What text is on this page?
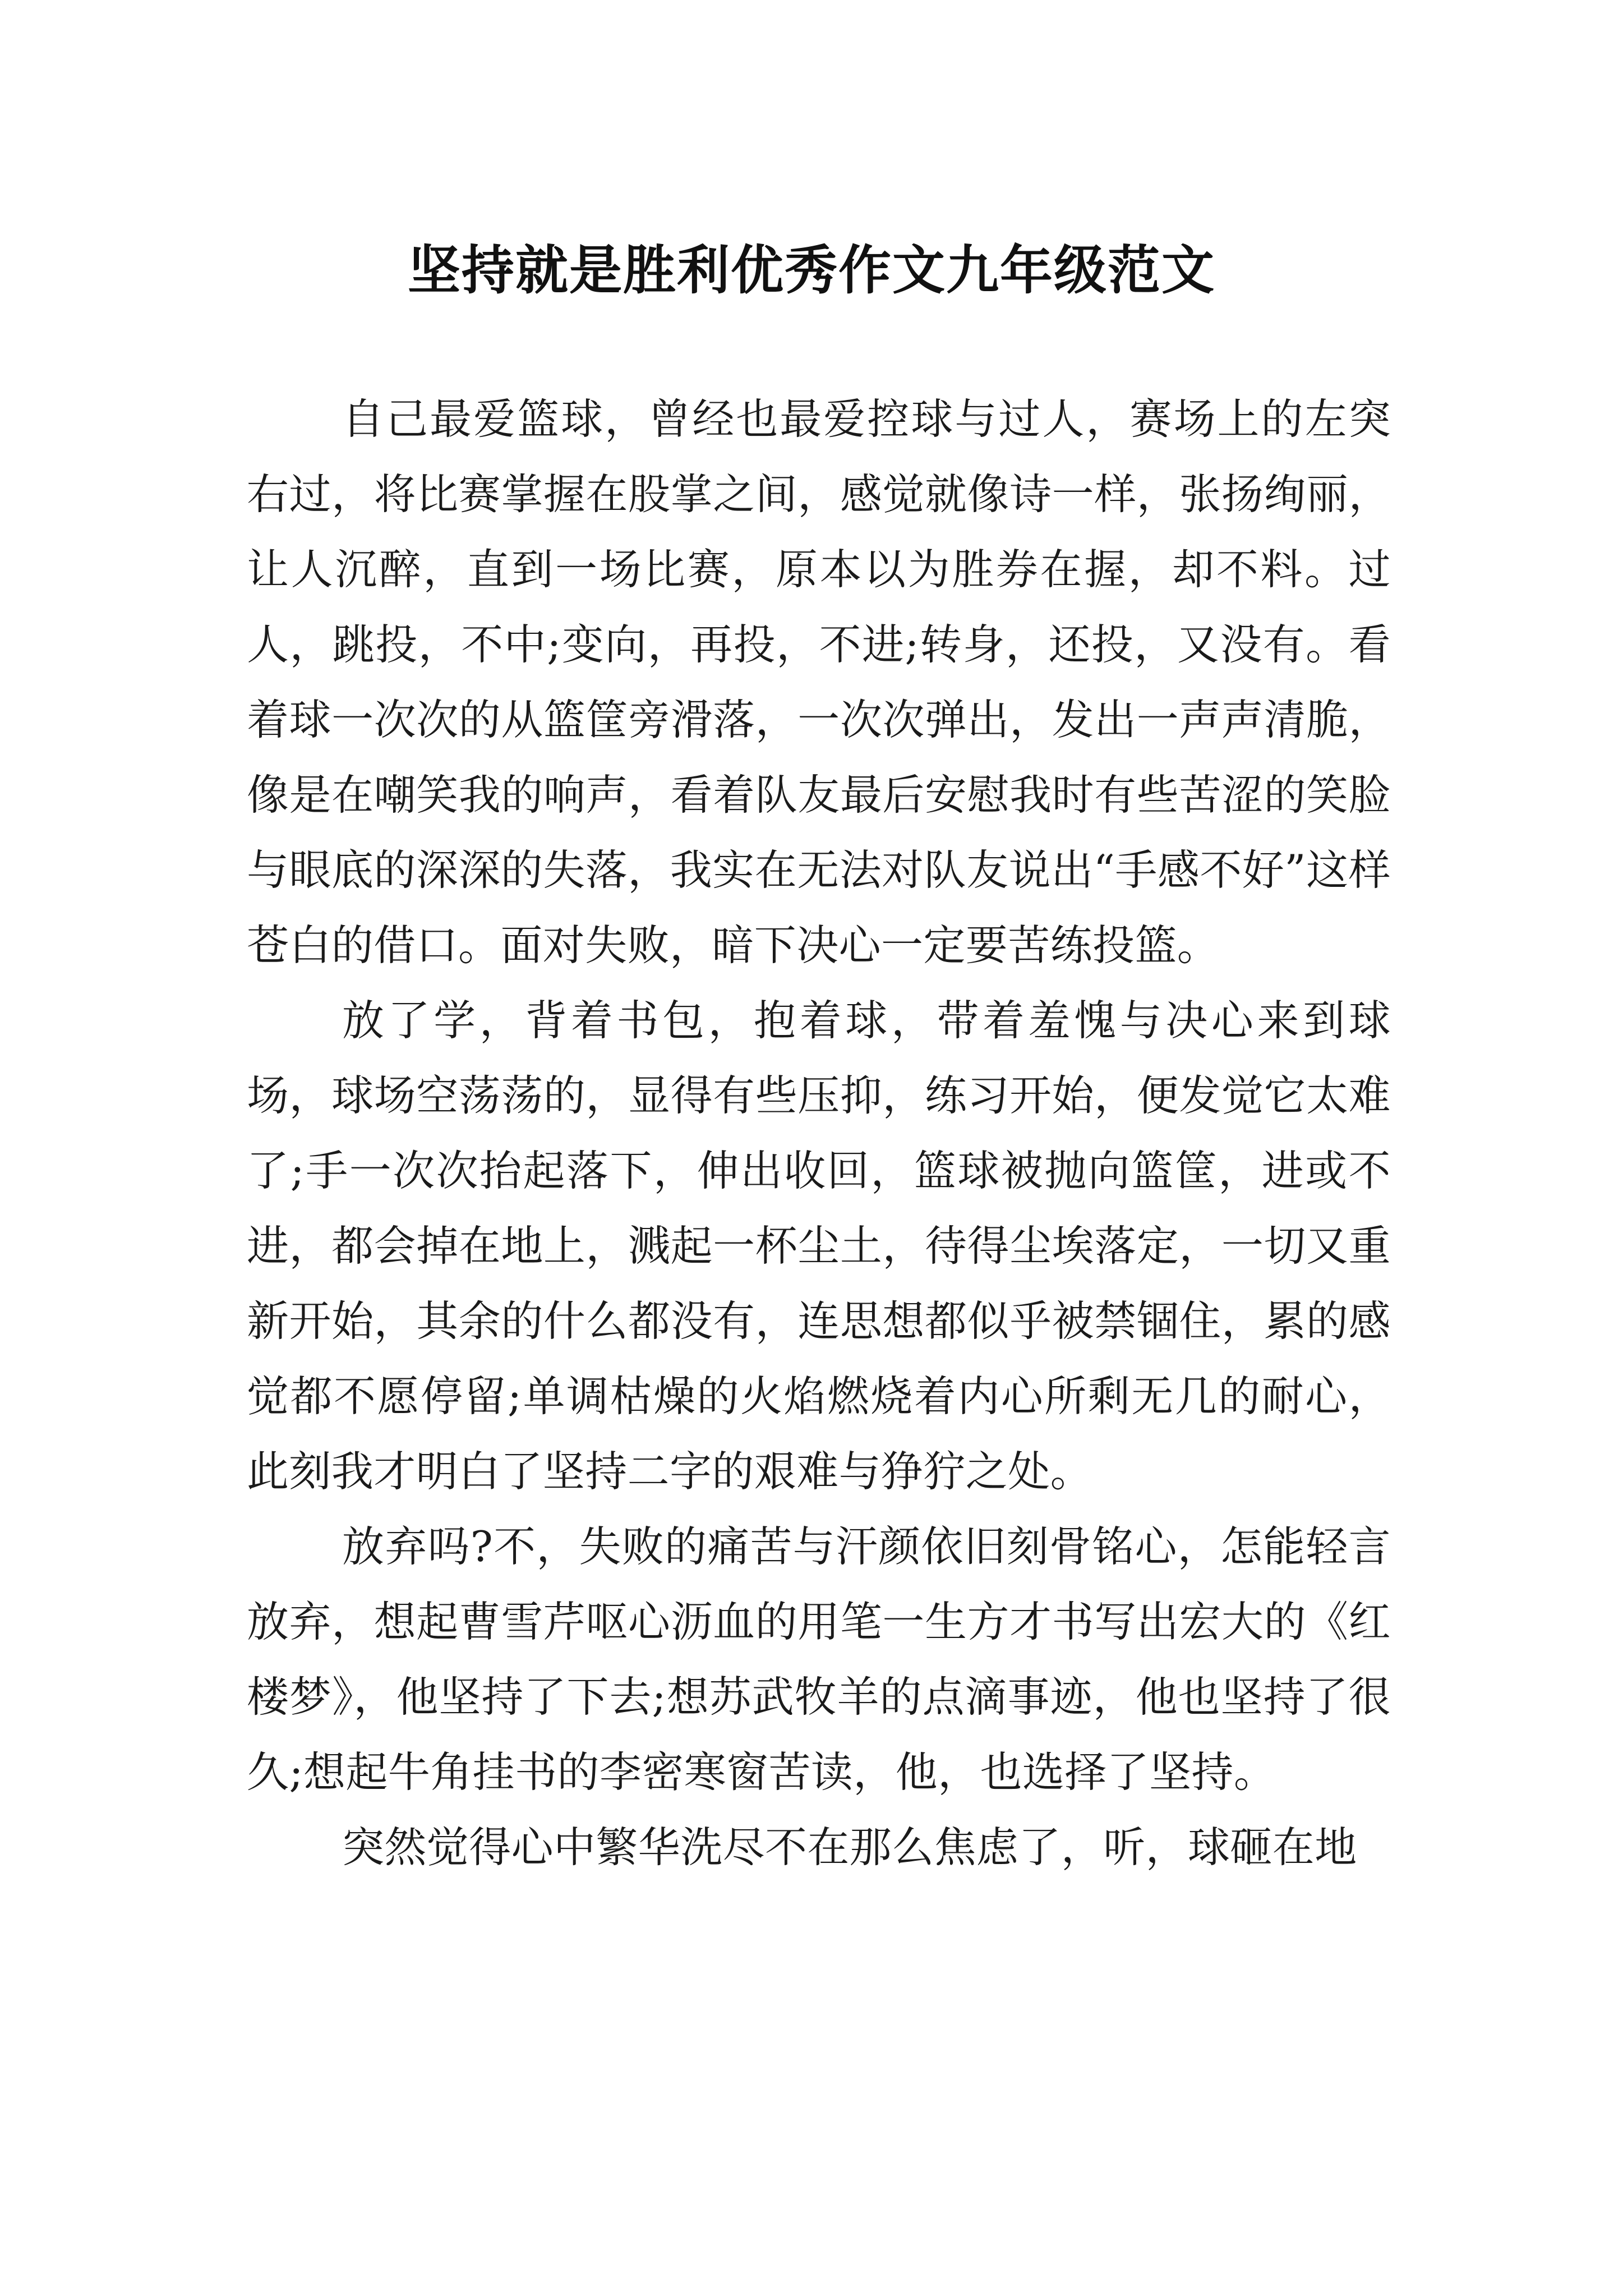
坚持就是胜利优秀作文九年级范文

自己最爱篮球，曾经也最爱控球与过人，赛场上的左突右过，将比赛掌握在股掌之间，感觉就像诗一样，张扬绚丽，让人沉醉，直到一场比赛，原本以为胜券在握，却不料。过人，跳投，不中;变向，再投，不进;转身，还投，又没有。看着球一次次的从篮筐旁滑落，一次次弹出，发出一声声清脆，像是在嘲笑我的响声，看着队友最后安慰我时有些苦涩的笑脸与眼底的深深的失落，我实在无法对队友说出“手感不好”这样苍白的借口。面对失败，暗下决心一定要苦练投篮。

放了学，背着书包，抱着球，带着羞愧与决心来到球场，球场空荡荡的，显得有些压抑，练习开始，便发觉它太难了;手一次次抬起落下，伸出收回，篮球被抛向篮筐，进或不进，都会掉在地上，溅起一杯尘土，待得尘埃落定，一切又重新开始，其余的什么都没有，连思想都似乎被禁锢住，累的感觉都不愿停留;单调枯燥的火焰燃烧着内心所剩无几的耐心，此刻我才明白了坚持二字的艰难与狰狞之处。

放弃吗?不，失败的痛苦与汗颜依旧刻骨铭心，怎能轻言放弃，想起曹雪芹呕心沥血的用笔一生方才书写出宏大的《红楼梦》，他坚持了下去;想苏武牧羊的点滴事迹，他也坚持了很久;想起牛角挂书的李密寒窗苦读，他，也选择了坚持。

突然觉得心中繁华洗尽不在那么焦虑了，听，球砸在地
